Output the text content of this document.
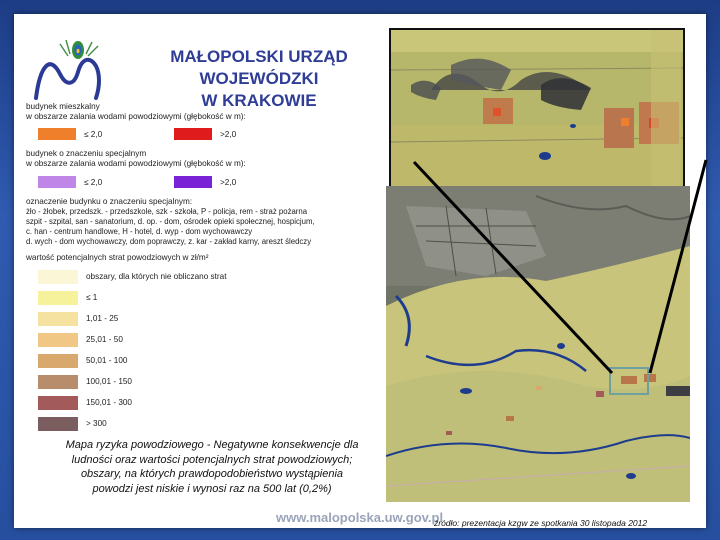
MAŁOPOLSKI URZĄD WOJEWÓDZKI
W KRAKOWIE
budynek mieszkalny
w obszarze zalania wodami powodziowymi (głębokość w m):
≤ 2,0	>2,0
budynek o znaczeniu specjalnym
w obszarze zalania wodami powodziowymi (głębokość w m):
≤ 2,0	>2,0
oznaczenie budynku o znaczeniu specjalnym:
żło - żłobek, przedszk. - przedszkole, szk - szkoła, P - policja, rem - straż pożarna
szpit - szpital, san - sanatorium, d. op. - dom, ośrodek opieki społecznej, hospicjum,
c. han - centrum handlowe, H - hotel, d. wyp - dom wychowawczy
d. wych - dom wychowawczy, dom poprawczy, z. kar - zakład karny, areszt śledczy
wartość potencjalnych strat powodziowych w zł/m²
obszary, dla których nie obliczano strat
≤ 1
1,01 - 25
25,01 - 50
50,01 - 100
100,01 - 150
150,01 - 300
> 300
Mapa ryzyka powodziowego - Negatywne konsekwencje dla ludności oraz wartości potencjalnych strat powodziowych; obszary, na których prawdopodobieństwo wystąpienia powodzi jest niskie i wynosi raz na 500 lat (0,2%)
www.malopolska.uw.gov.pl
źródło: prezentacja kzgw ze spotkania 30 listopada 2012
